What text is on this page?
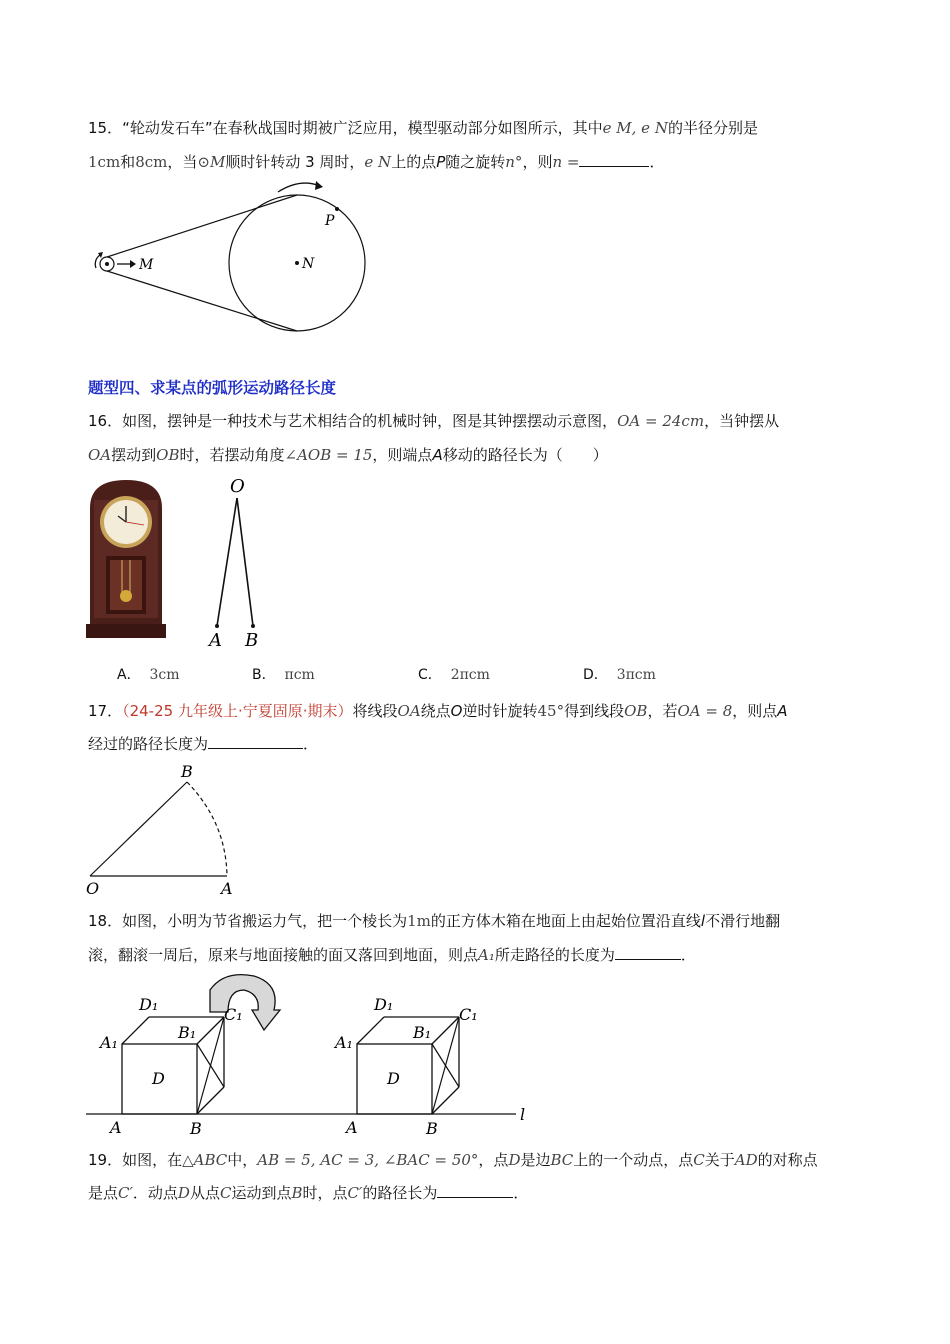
15．“轮动发石车”在春秋战国时期被广泛应用，模型驱动部分如图所示，其中e M, e N的半径分别是
1cm和8cm，当⊙M顺时针转动 3 周时，e N上的点P随之旋转n°，则n =	．
M	N
P
题型四、求某点的弧形运动路径长度
16．如图，摆钟是一种技术与艺术相结合的机械时钟，图是其钟摆摆动示意图，OA = 24cm，当钟摆从
OA摆动到OB时，若摆动角度∠AOB = 15，则端点A移动的路径长为（　　）
O
A B
A． 3cm	B． πcm	C． 2πcm	D． 3πcm
17．（24-25 九年级上·宁夏固原·期末）将线段OA绕点O逆时针旋转45°得到线段OB，若OA = 8，则点A
经过的路径长度为	．
B
O	A
18．如图，小明为节省搬运力气，把一个棱长为1m的正方体木箱在地面上由起始位置沿直线l不滑行地翻
滚，翻滚一周后，原来与地面接触的面又落回到地面，则点A₁所走路径的长度为	．
D₁
C₁
B₁
A₁
D
A	B
D₁
C₁
B₁
A₁
D
A	B
l
19．如图，在△ABC中，AB = 5, AC = 3, ∠BAC = 50°，点D是边BC上的一个动点，点C关于AD的对称点
是点C′．动点D从点C运动到点B时，点C′的路径长为	．
